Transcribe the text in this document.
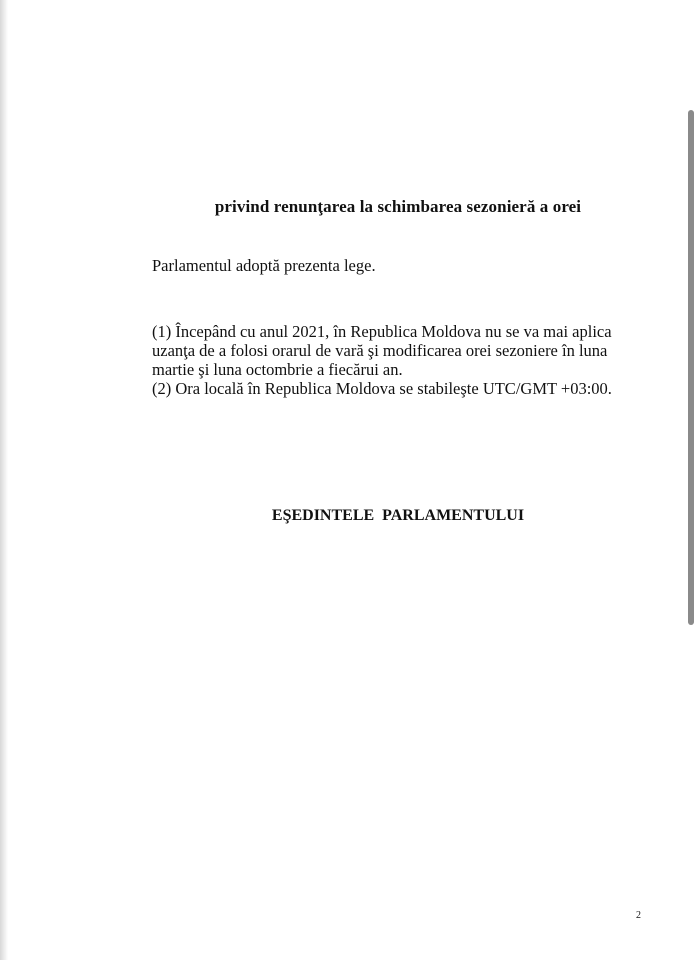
privind renunţarea la schimbarea sezonieră a orei

Parlamentul adoptă prezenta lege.

(1) Începând cu anul 2021, în Republica Moldova nu se va mai aplica uzanţa de a folosi orarul de vară şi modificarea orei sezoniere în luna martie şi luna octombrie a fiecărui an.

(2) Ora locală în Republica Moldova se stabileşte UTC/GMT +03:00.

EŞEDINTELE  PARLAMENTULUI

2
